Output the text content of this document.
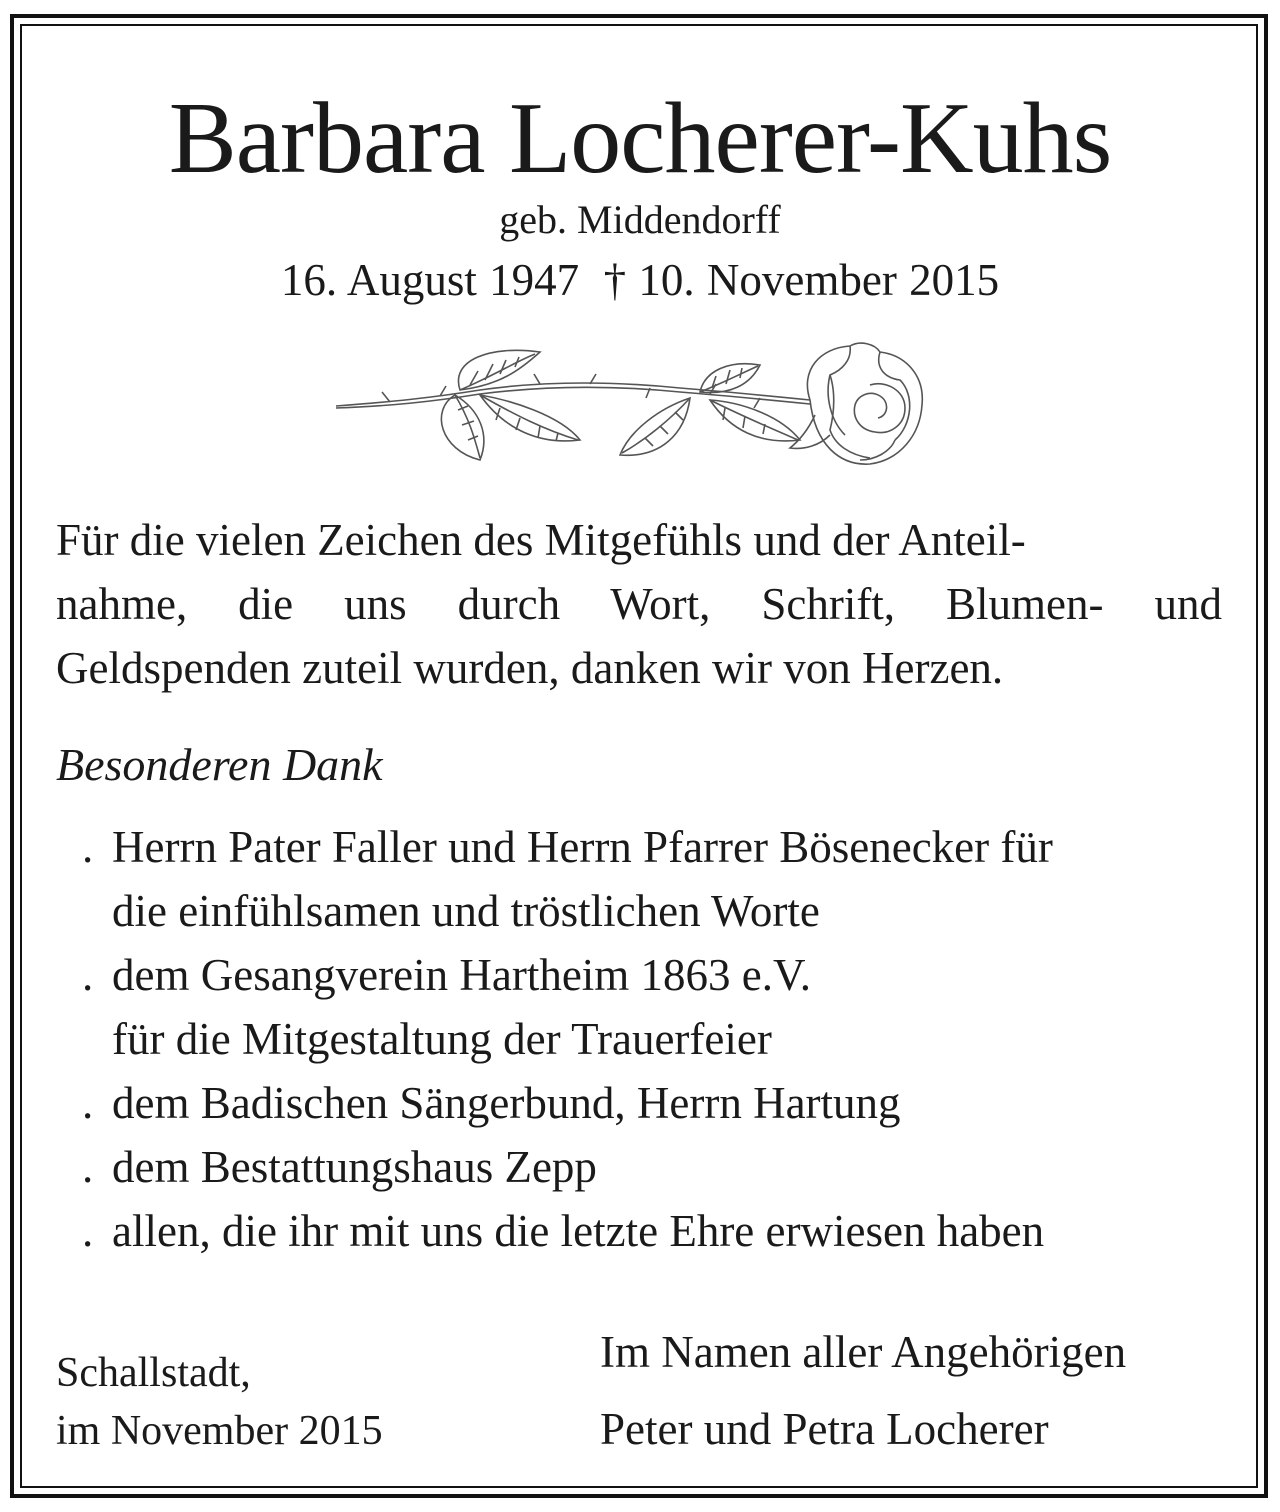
Barbara Locherer-Kuhs
geb. Middendorff
16. August 1947 † 10. November 2015
Für die vielen Zeichen des Mitgefühls und der Anteil-
nahme, die uns durch Wort, Schrift, Blumen- und
Geldspenden zuteil wurden, danken wir von Herzen.
Besonderen Dank
. Herrn Pater Faller und Herrn Pfarrer Bösenecker für
die einfühlsamen und tröstlichen Worte
. dem Gesangverein Hartheim 1863 e.V.
für die Mitgestaltung der Trauerfeier
. dem Badischen Sängerbund, Herrn Hartung
. dem Bestattungshaus Zepp
. allen, die ihr mit uns die letzte Ehre erwiesen haben
Schallstadt,
im November 2015
Im Namen aller Angehörigen
Peter und Petra Locherer
